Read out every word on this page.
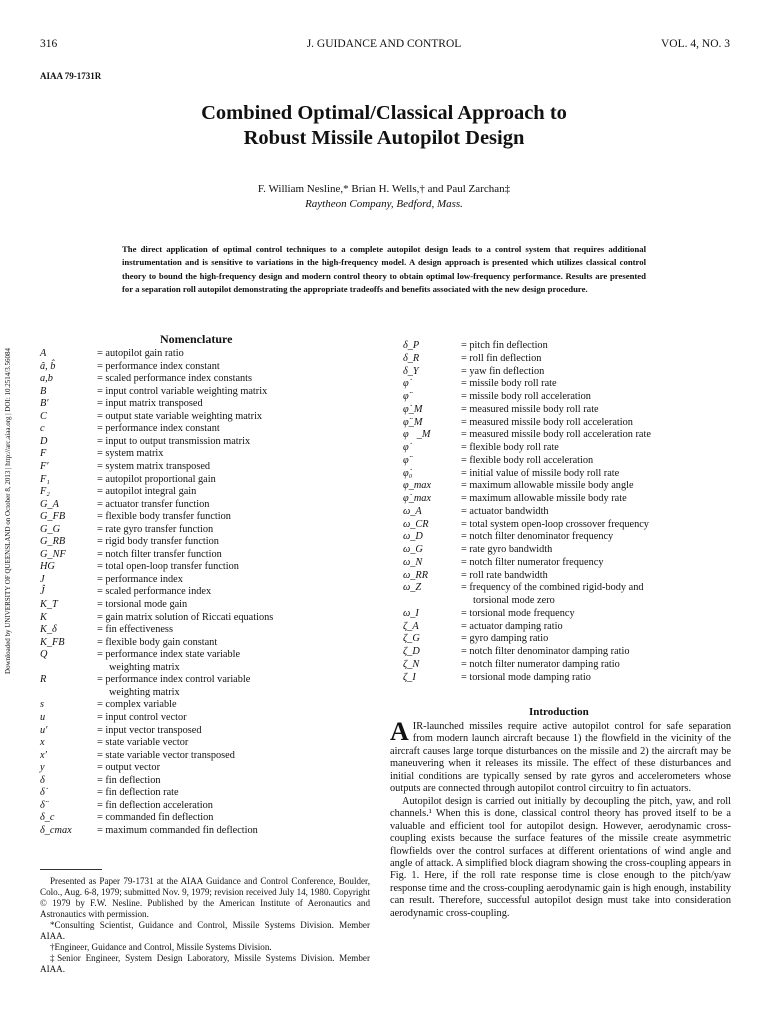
316	J. GUIDANCE AND CONTROL	VOL. 4, NO. 3
AIAA 79-1731R
Combined Optimal/Classical Approach to
Robust Missile Autopilot Design
F. William Nesline,* Brian H. Wells,† and Paul Zarchan‡
Raytheon Company, Bedford, Mass.
The direct application of optimal control techniques to a complete autopilot design leads to a control system that requires additional instrumentation and is sensitive to variations in the high-frequency model. A design approach is presented which utilizes classical control theory to bound the high-frequency design and modern control theory to obtain optimal low-frequency performance. Results are presented for a separation roll autopilot demonstrating the appropriate tradeoffs and benefits associated with the new design procedure.
Downloaded by UNIVERSITY OF QUEENSLAND on October 8, 2013 | http://arc.aiaa.org | DOI: 10.2514/3.56084
Nomenclature
A	= autopilot gain ratio
â, b̂	= performance index constant
a,b	= scaled performance index constants
B	= input control variable weighting matrix
B′	= input matrix transposed
C	= output state variable weighting matrix
c	= performance index constant
D	= input to output transmission matrix
F	= system matrix
F′	= system matrix transposed
F₁	= autopilot proportional gain
F₂	= autopilot integral gain
G_A	= actuator transfer function
G_FB	= flexible body transfer function
G_G	= rate gyro transfer function
G_RB	= rigid body transfer function
G_NF	= notch filter transfer function
HG	= total open-loop transfer function
J	= performance index
Ĵ	= scaled performance index
K_T	= torsional mode gain
K	= gain matrix solution of Riccati equations
K_δ	= fin effectiveness
K_FB	= flexible body gain constant
Q	= performance index state variable
weighting matrix
R	= performance index control variable
weighting matrix
s	= complex variable
u	= input control vector
u′	= input vector transposed
x	= state variable vector
x′	= state variable vector transposed
y	= output vector
δ	= fin deflection
δ̇	= fin deflection rate
δ̈	= fin deflection acceleration
δ_c	= commanded fin deflection
δ_cmax = maximum commanded fin deflection
δ_P	= pitch fin deflection
δ_R	= roll fin deflection
δ_Y	= yaw fin deflection
φ̇	= missile body roll rate
φ̈	= missile body roll acceleration
φ̇_M	= measured missile body roll rate
φ̈_M	= measured missile body roll acceleration
φ⃛_M	= measured missile body roll acceleration rate
φ̇	= flexible body roll rate
φ̈	= flexible body roll acceleration
φ̇₀	= initial value of missile body roll rate
φ_max	= maximum allowable missile body angle
φ̇_max	= maximum allowable missile body rate
ω_A	= actuator bandwidth
ω_CR	= total system open-loop crossover frequency
ω_D	= notch filter denominator frequency
ω_G	= rate gyro bandwidth
ω_N	= notch filter numerator frequency
ω_RR	= roll rate bandwidth
ω_Z	= frequency of the combined rigid-body and
torsional mode zero
ω_I	= torsional mode frequency
ζ_A	= actuator damping ratio
ζ_G	= gyro damping ratio
ζ_D	= notch filter denominator damping ratio
ζ_N	= notch filter numerator damping ratio
ζ_I	= torsional mode damping ratio
Introduction

AIR-launched missiles require active autopilot control for safe separation from modern launch aircraft because 1) the flowfield in the vicinity of the aircraft causes large torque disturbances on the missile and 2) the aircraft may be maneuvering when it releases its missile. The effect of these disturbances and initial conditions are typically sensed by rate gyros and accelerometers whose outputs are connected through autopilot control circuitry to fin actuators.

Autopilot design is carried out initially by decoupling the pitch, yaw, and roll channels.¹ When this is done, classical control theory has proved itself to be a valuable and efficient tool for autopilot design. However, aerodynamic cross-coupling exists because the surface features of the missile create asymmetric flowfields over the control surfaces at different orientations of wind angle and angle of attack. A simplified block diagram showing the cross-coupling appears in Fig. 1. Here, if the roll rate response time is close enough to the pitch/yaw response time and the cross-coupling aerodynamic gain is high enough, instability can result. Therefore, successful autopilot design must take into consideration aerodynamic cross-coupling.

Presented as Paper 79-1731 at the AIAA Guidance and Control Conference, Boulder, Colo., Aug. 6-8, 1979; submitted Nov. 9, 1979; revision received July 14, 1980. Copyright © 1979 by F.W. Nesline. Published by the American Institute of Aeronautics and Astronautics with permission.

*Consulting Scientist, Guidance and Control, Missile Systems Division. Member AIAA.

†Engineer, Guidance and Control, Missile Systems Division.

‡Senior Engineer, System Design Laboratory, Missile Systems Division. Member AIAA.
